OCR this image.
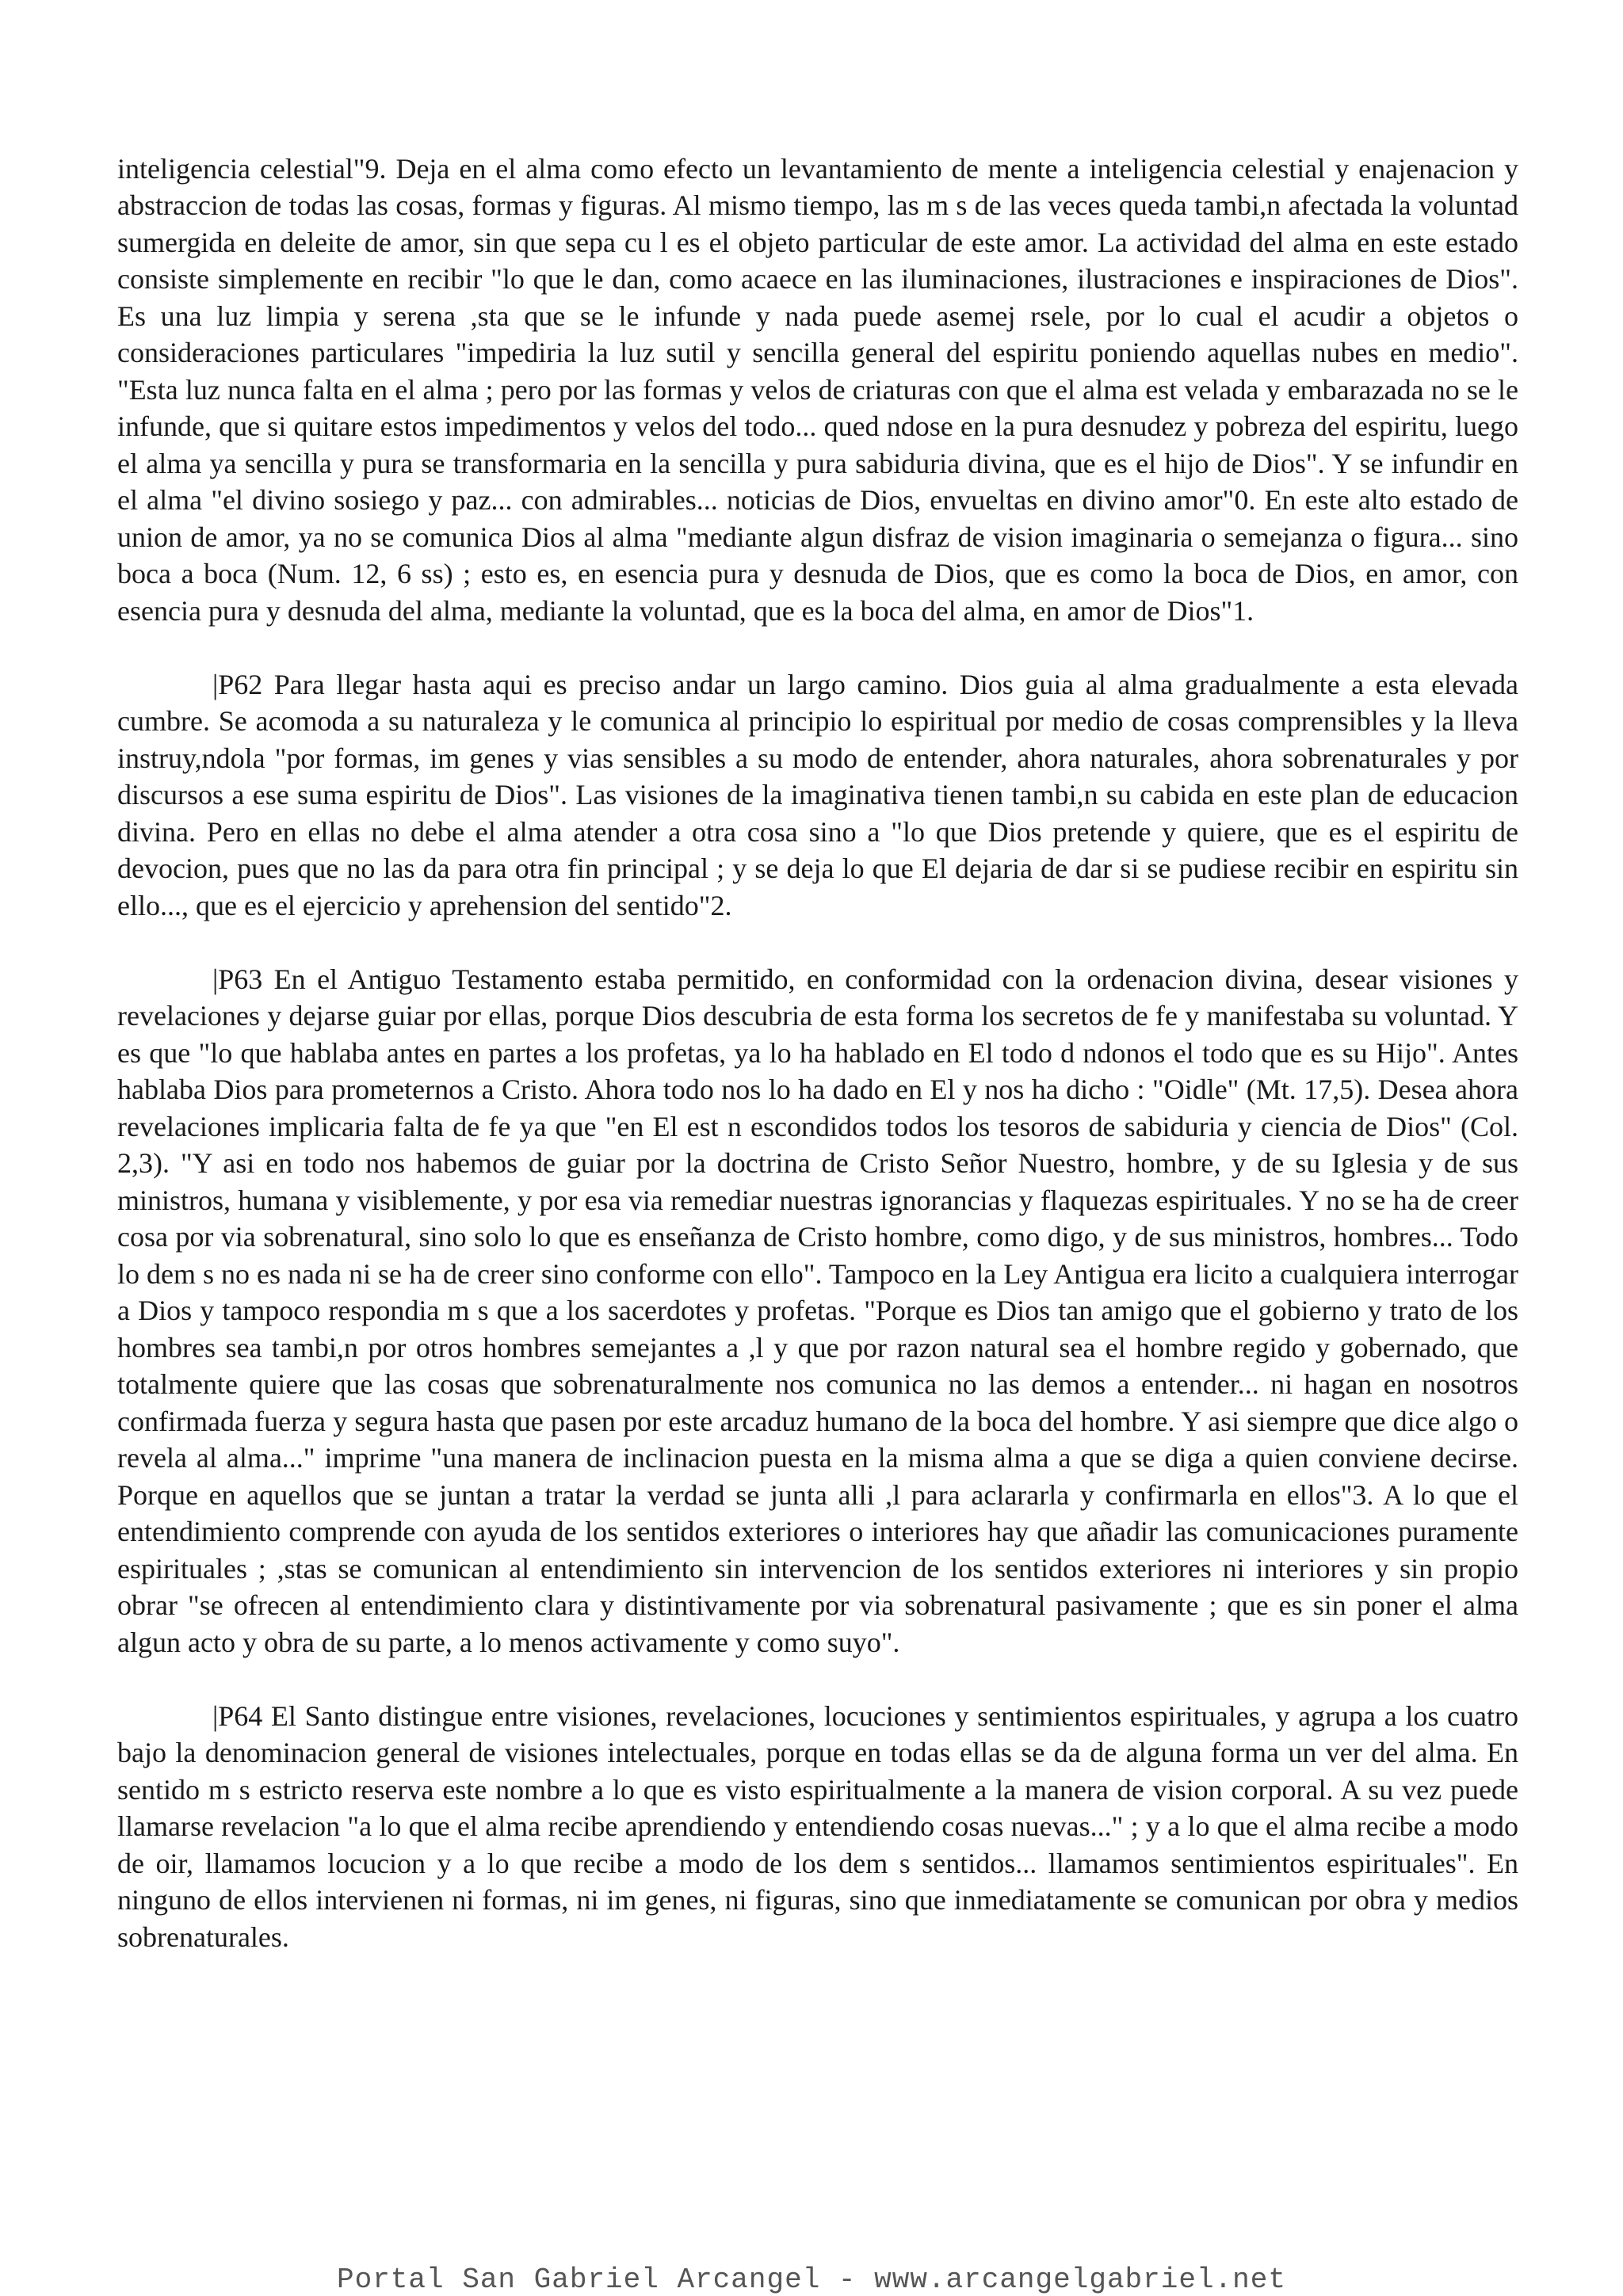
inteligencia celestial"9. Deja en el alma como efecto un levantamiento de mente a inteligencia celestial y enajenacion y abstraccion de todas las cosas, formas y figuras. Al mismo tiempo, las m s de las veces queda tambi,n afectada la voluntad sumergida en deleite de amor, sin que sepa cu l es el objeto particular de este amor. La actividad del alma en este estado consiste simplemente en recibir "lo que le dan, como acaece en las iluminaciones, ilustraciones e inspiraciones de Dios". Es una luz limpia y serena ,sta que se le infunde y nada puede asemej rsele, por lo cual el acudir a objetos o consideraciones particulares "impediria la luz sutil y sencilla general del espiritu poniendo aquellas nubes en medio". "Esta luz nunca falta en el alma ; pero por las formas y velos de criaturas con que el alma est velada y embarazada no se le infunde, que si quitare estos impedimentos y velos del todo... qued ndose en la pura desnudez y pobreza del espiritu, luego el alma ya sencilla y pura se transformaria en la sencilla y pura sabiduria divina, que es el hijo de Dios". Y se infundir en el alma "el divino sosiego y paz... con admirables... noticias de Dios, envueltas en divino amor"0. En este alto estado de union de amor, ya no se comunica Dios al alma "mediante algun disfraz de vision imaginaria o semejanza o figura... sino boca a boca (Num. 12, 6 ss) ; esto es, en esencia pura y desnuda de Dios, que es como la boca de Dios, en amor, con esencia pura y desnuda del alma, mediante la voluntad, que es la boca del alma, en amor de Dios"1.

|P62 Para llegar hasta aqui es preciso andar un largo camino. Dios guia al alma gradualmente a esta elevada cumbre. Se acomoda a su naturaleza y le comunica al principio lo espiritual por medio de cosas comprensibles y la lleva instruy,ndola "por formas, im genes y vias sensibles a su modo de entender, ahora naturales, ahora sobrenaturales y por discursos a ese suma espiritu de Dios". Las visiones de la imaginativa tienen tambi,n su cabida en este plan de educacion divina. Pero en ellas no debe el alma atender a otra cosa sino a "lo que Dios pretende y quiere, que es el espiritu de devocion, pues que no las da para otra fin principal ; y se deja lo que El dejaria de dar si se pudiese recibir en espiritu sin ello..., que es el ejercicio y aprehension del sentido"2.

|P63 En el Antiguo Testamento estaba permitido, en conformidad con la ordenacion divina, desear visiones y revelaciones y dejarse guiar por ellas, porque Dios descubria de esta forma los secretos de fe y manifestaba su voluntad. Y es que "lo que hablaba antes en partes a los profetas, ya lo ha hablado en El todo d ndonos el todo que es su Hijo". Antes hablaba Dios para prometernos a Cristo. Ahora todo nos lo ha dado en El y nos ha dicho : "Oidle" (Mt. 17,5). Desea ahora revelaciones implicaria falta de fe ya que "en El est n escondidos todos los tesoros de sabiduria y ciencia de Dios" (Col. 2,3). "Y asi en todo nos habemos de guiar por la doctrina de Cristo Señor Nuestro, hombre, y de su Iglesia y de sus ministros, humana y visiblemente, y por esa via remediar nuestras ignorancias y flaquezas espirituales. Y no se ha de creer cosa por via sobrenatural, sino solo lo que es enseñanza de Cristo hombre, como digo, y de sus ministros, hombres... Todo lo dem s no es nada ni se ha de creer sino conforme con ello". Tampoco en la Ley Antigua era licito a cualquiera interrogar a Dios y tampoco respondia m s que a los sacerdotes y profetas. "Porque es Dios tan amigo que el gobierno y trato de los hombres sea tambi,n por otros hombres semejantes a ,l y que por razon natural sea el hombre regido y gobernado, que totalmente quiere que las cosas que sobrenaturalmente nos comunica no las demos a entender... ni hagan en nosotros confirmada fuerza y segura hasta que pasen por este arcaduz humano de la boca del hombre. Y asi siempre que dice algo o revela al alma..." imprime "una manera de inclinacion puesta en la misma alma a que se diga a quien conviene decirse. Porque en aquellos que se juntan a tratar la verdad se junta alli ,l para aclararla y confirmarla en ellos"3. A lo que el entendimiento comprende con ayuda de los sentidos exteriores o interiores hay que añadir las comunicaciones puramente espirituales ; ,stas se comunican al entendimiento sin intervencion de los sentidos exteriores ni interiores y sin propio obrar "se ofrecen al entendimiento clara y distintivamente por via sobrenatural pasivamente ; que es sin poner el alma algun acto y obra de su parte, a lo menos activamente y como suyo".

|P64 El Santo distingue entre visiones, revelaciones, locuciones y sentimientos espirituales, y agrupa a los cuatro bajo la denominacion general de visiones intelectuales, porque en todas ellas se da de alguna forma un ver del alma. En sentido m s estricto reserva este nombre a lo que es visto espiritualmente a la manera de vision corporal. A su vez puede llamarse revelacion "a lo que el alma recibe aprendiendo y entendiendo cosas nuevas..." ; y a lo que el alma recibe a modo de oir, llamamos locucion y a lo que recibe a modo de los dem s sentidos... llamamos sentimientos espirituales". En ninguno de ellos intervienen ni formas, ni im genes, ni figuras, sino que inmediatamente se comunican por obra y medios sobrenaturales.

Portal San Gabriel Arcangel - www.arcangelgabriel.net
